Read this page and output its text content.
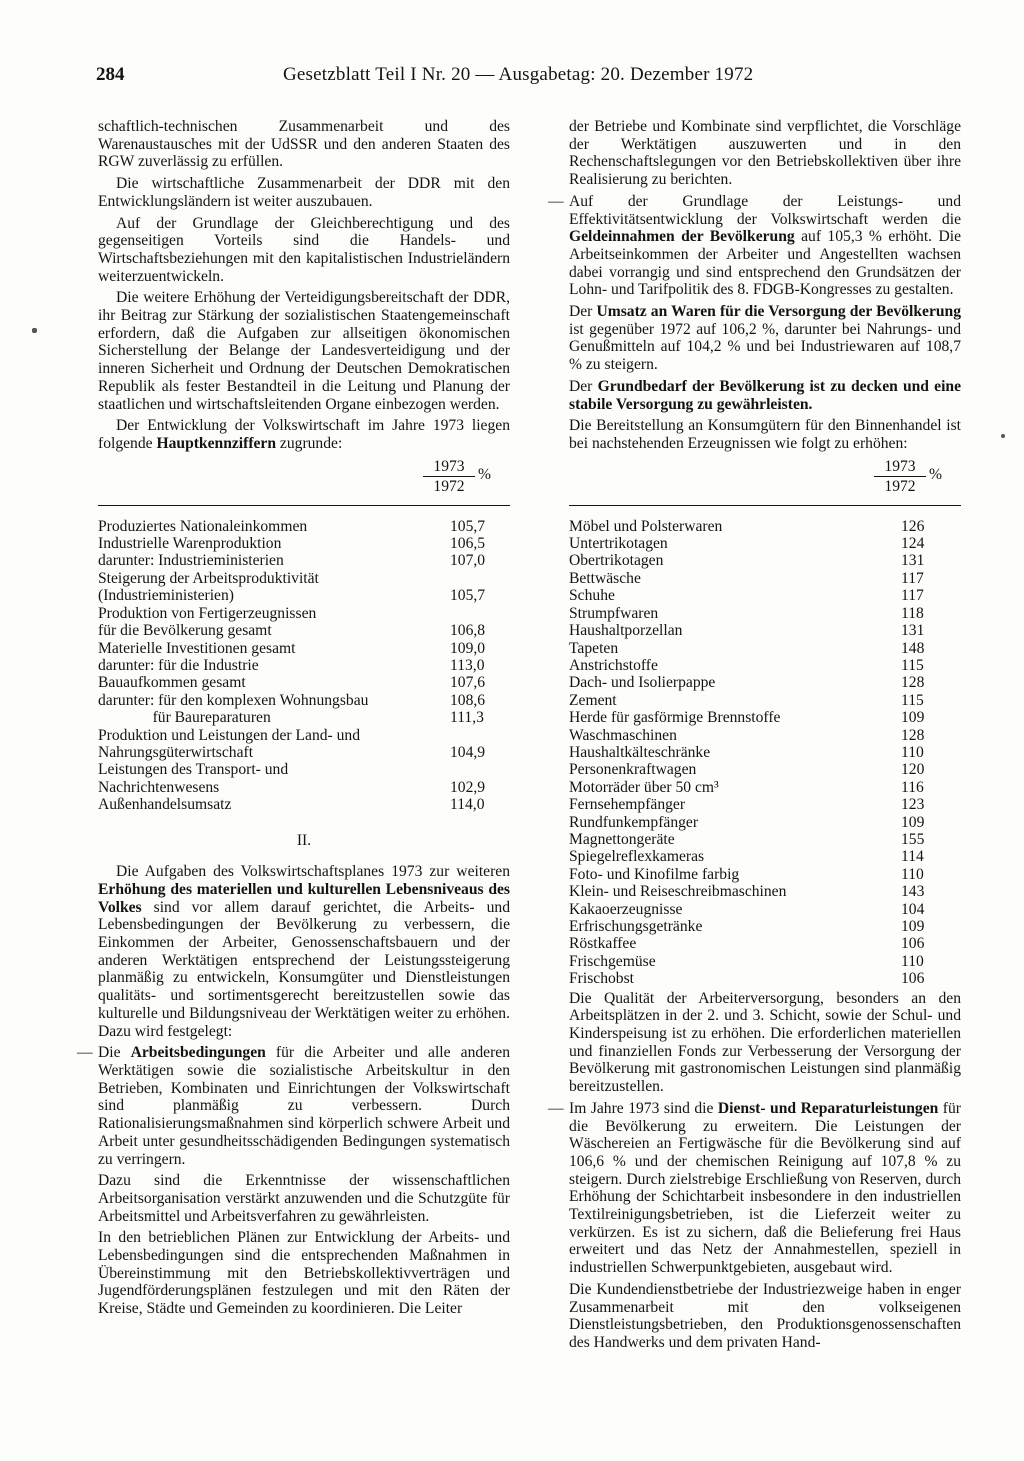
284	Gesetzblatt Teil I Nr. 20 — Ausgabetag: 20. Dezember 1972

schaftlich-technischen Zusammenarbeit und des Warenaustausches mit der UdSSR und den anderen Staaten des RGW zuverlässig zu erfüllen.

Die wirtschaftliche Zusammenarbeit der DDR mit den Entwicklungsländern ist weiter auszubauen.

Auf der Grundlage der Gleichberechtigung und des gegenseitigen Vorteils sind die Handels- und Wirtschaftsbeziehungen mit den kapitalistischen Industrieländern weiterzuentwickeln.

Die weitere Erhöhung der Verteidigungsbereitschaft der DDR, ihr Beitrag zur Stärkung der sozialistischen Staatengemeinschaft erfordern, daß die Aufgaben zur allseitigen ökonomischen Sicherstellung der Belange der Landesverteidigung und der inneren Sicherheit und Ordnung der Deutschen Demokratischen Republik als fester Bestandteil in die Leitung und Planung der staatlichen und wirtschaftsleitenden Organe einbezogen werden.

Der Entwicklung der Volkswirtschaft im Jahre 1973 liegen folgende Hauptkennziffern zugrunde:

$\frac{1973}{1972}$ %
Produziertes Nationaleinkommen	105,7
Industrielle Warenproduktion	106,5
darunter: Industrieministerien	107,0
Steigerung der Arbeitsproduktivität
(Industrieministerien)	105,7
Produktion von Fertigerzeugnissen
für die Bevölkerung gesamt	106,8
Materielle Investitionen gesamt	109,0
darunter: für die Industrie	113,0
Bauaufkommen gesamt	107,6
darunter: für den komplexen Wohnungsbau	108,6
für Baureparaturen	111,3
Produktion und Leistungen der Land- und
Nahrungsgüterwirtschaft	104,9
Leistungen des Transport- und
Nachrichtenwesens	102,9
Außenhandelsumsatz	114,0

II.

Die Aufgaben des Volkswirtschaftsplanes 1973 zur weiteren Erhöhung des materiellen und kulturellen Lebensniveaus des Volkes sind vor allem darauf gerichtet, die Arbeits- und Lebensbedingungen der Bevölkerung zu verbessern, die Einkommen der Arbeiter, Genossenschaftsbauern und der anderen Werktätigen entsprechend der Leistungssteigerung planmäßig zu entwickeln, Konsumgüter und Dienstleistungen qualitäts- und sortimentsgerecht bereitzustellen sowie das kulturelle und Bildungsniveau der Werktätigen weiter zu erhöhen. Dazu wird festgelegt:

— Die Arbeitsbedingungen für die Arbeiter und alle anderen Werktätigen sowie die sozialistische Arbeitskultur in den Betrieben, Kombinaten und Einrichtungen der Volkswirtschaft sind planmäßig zu verbessern. Durch Rationalisierungsmaßnahmen sind körperlich schwere Arbeit und Arbeit unter gesundheitsschädigenden Bedingungen systematisch zu verringern.

Dazu sind die Erkenntnisse der wissenschaftlichen Arbeitsorganisation verstärkt anzuwenden und die Schutzgüte für Arbeitsmittel und Arbeitsverfahren zu gewährleisten.

In den betrieblichen Plänen zur Entwicklung der Arbeits- und Lebensbedingungen sind die entsprechenden Maßnahmen in Übereinstimmung mit den Betriebskollektivverträgen und Jugendförderungsplänen festzulegen und mit den Räten der Kreise, Städte und Gemeinden zu koordinieren. Die Leiter

der Betriebe und Kombinate sind verpflichtet, die Vorschläge der Werktätigen auszuwerten und in den Rechenschaftslegungen vor den Betriebskollektiven über ihre Realisierung zu berichten.

— Auf der Grundlage der Leistungs- und Effektivitätsentwicklung der Volkswirtschaft werden die Geldeinnahmen der Bevölkerung auf 105,3 % erhöht. Die Arbeitseinkommen der Arbeiter und Angestellten wachsen dabei vorrangig und sind entsprechend den Grundsätzen der Lohn- und Tarifpolitik des 8. FDGB-Kongresses zu gestalten.

Der Umsatz an Waren für die Versorgung der Bevölkerung ist gegenüber 1972 auf 106,2 %, darunter bei Nahrungs- und Genußmitteln auf 104,2 % und bei Industriewaren auf 108,7 % zu steigern.

Der Grundbedarf der Bevölkerung ist zu decken und eine stabile Versorgung zu gewährleisten.

Die Bereitstellung an Konsumgütern für den Binnenhandel ist bei nachstehenden Erzeugnissen wie folgt zu erhöhen:

$\frac{1973}{1972}$ %
Möbel und Polsterwaren	126
Untertrikotagen	124
Obertrikotagen	131
Bettwäsche	117
Schuhe	117
Strumpfwaren	118
Haushaltporzellan	131
Tapeten	148
Anstrichstoffe	115
Dach- und Isolierpappe	128
Zement	115
Herde für gasförmige Brennstoffe	109
Waschmaschinen	128
Haushaltkälteschränke	110
Personenkraftwagen	120
Motorräder über 50 cm³	116
Fernsehempfänger	123
Rundfunkempfänger	109
Magnettongeräte	155
Spiegelreflexkameras	114
Foto- und Kinofilme farbig	110
Klein- und Reiseschreibmaschinen	143
Kakaoerzeugnisse	104
Erfrischungsgetränke	109
Röstkaffee	106
Frischgemüse	110
Frischobst	106

Die Qualität der Arbeiterversorgung, besonders an den Arbeitsplätzen in der 2. und 3. Schicht, sowie der Schul- und Kinderspeisung ist zu erhöhen. Die erforderlichen materiellen und finanziellen Fonds zur Verbesserung der Versorgung der Bevölkerung mit gastronomischen Leistungen sind planmäßig bereitzustellen.

— Im Jahre 1973 sind die Dienst- und Reparaturleistungen für die Bevölkerung zu erweitern. Die Leistungen der Wäschereien an Fertigwäsche für die Bevölkerung sind auf 106,6 % und der chemischen Reinigung auf 107,8 % zu steigern. Durch zielstrebige Erschließung von Reserven, durch Erhöhung der Schichtarbeit insbesondere in den industriellen Textilreinigungsbetrieben, ist die Lieferzeit weiter zu verkürzen. Es ist zu sichern, daß die Belieferung frei Haus erweitert und das Netz der Annahmestellen, speziell in industriellen Schwerpunktgebieten, ausgebaut wird.

Die Kundendienstbetriebe der Industriezweige haben in enger Zusammenarbeit mit den volkseigenen Dienstleistungsbetrieben, den Produktionsgenossenschaften des Handwerks und dem privaten Hand-
